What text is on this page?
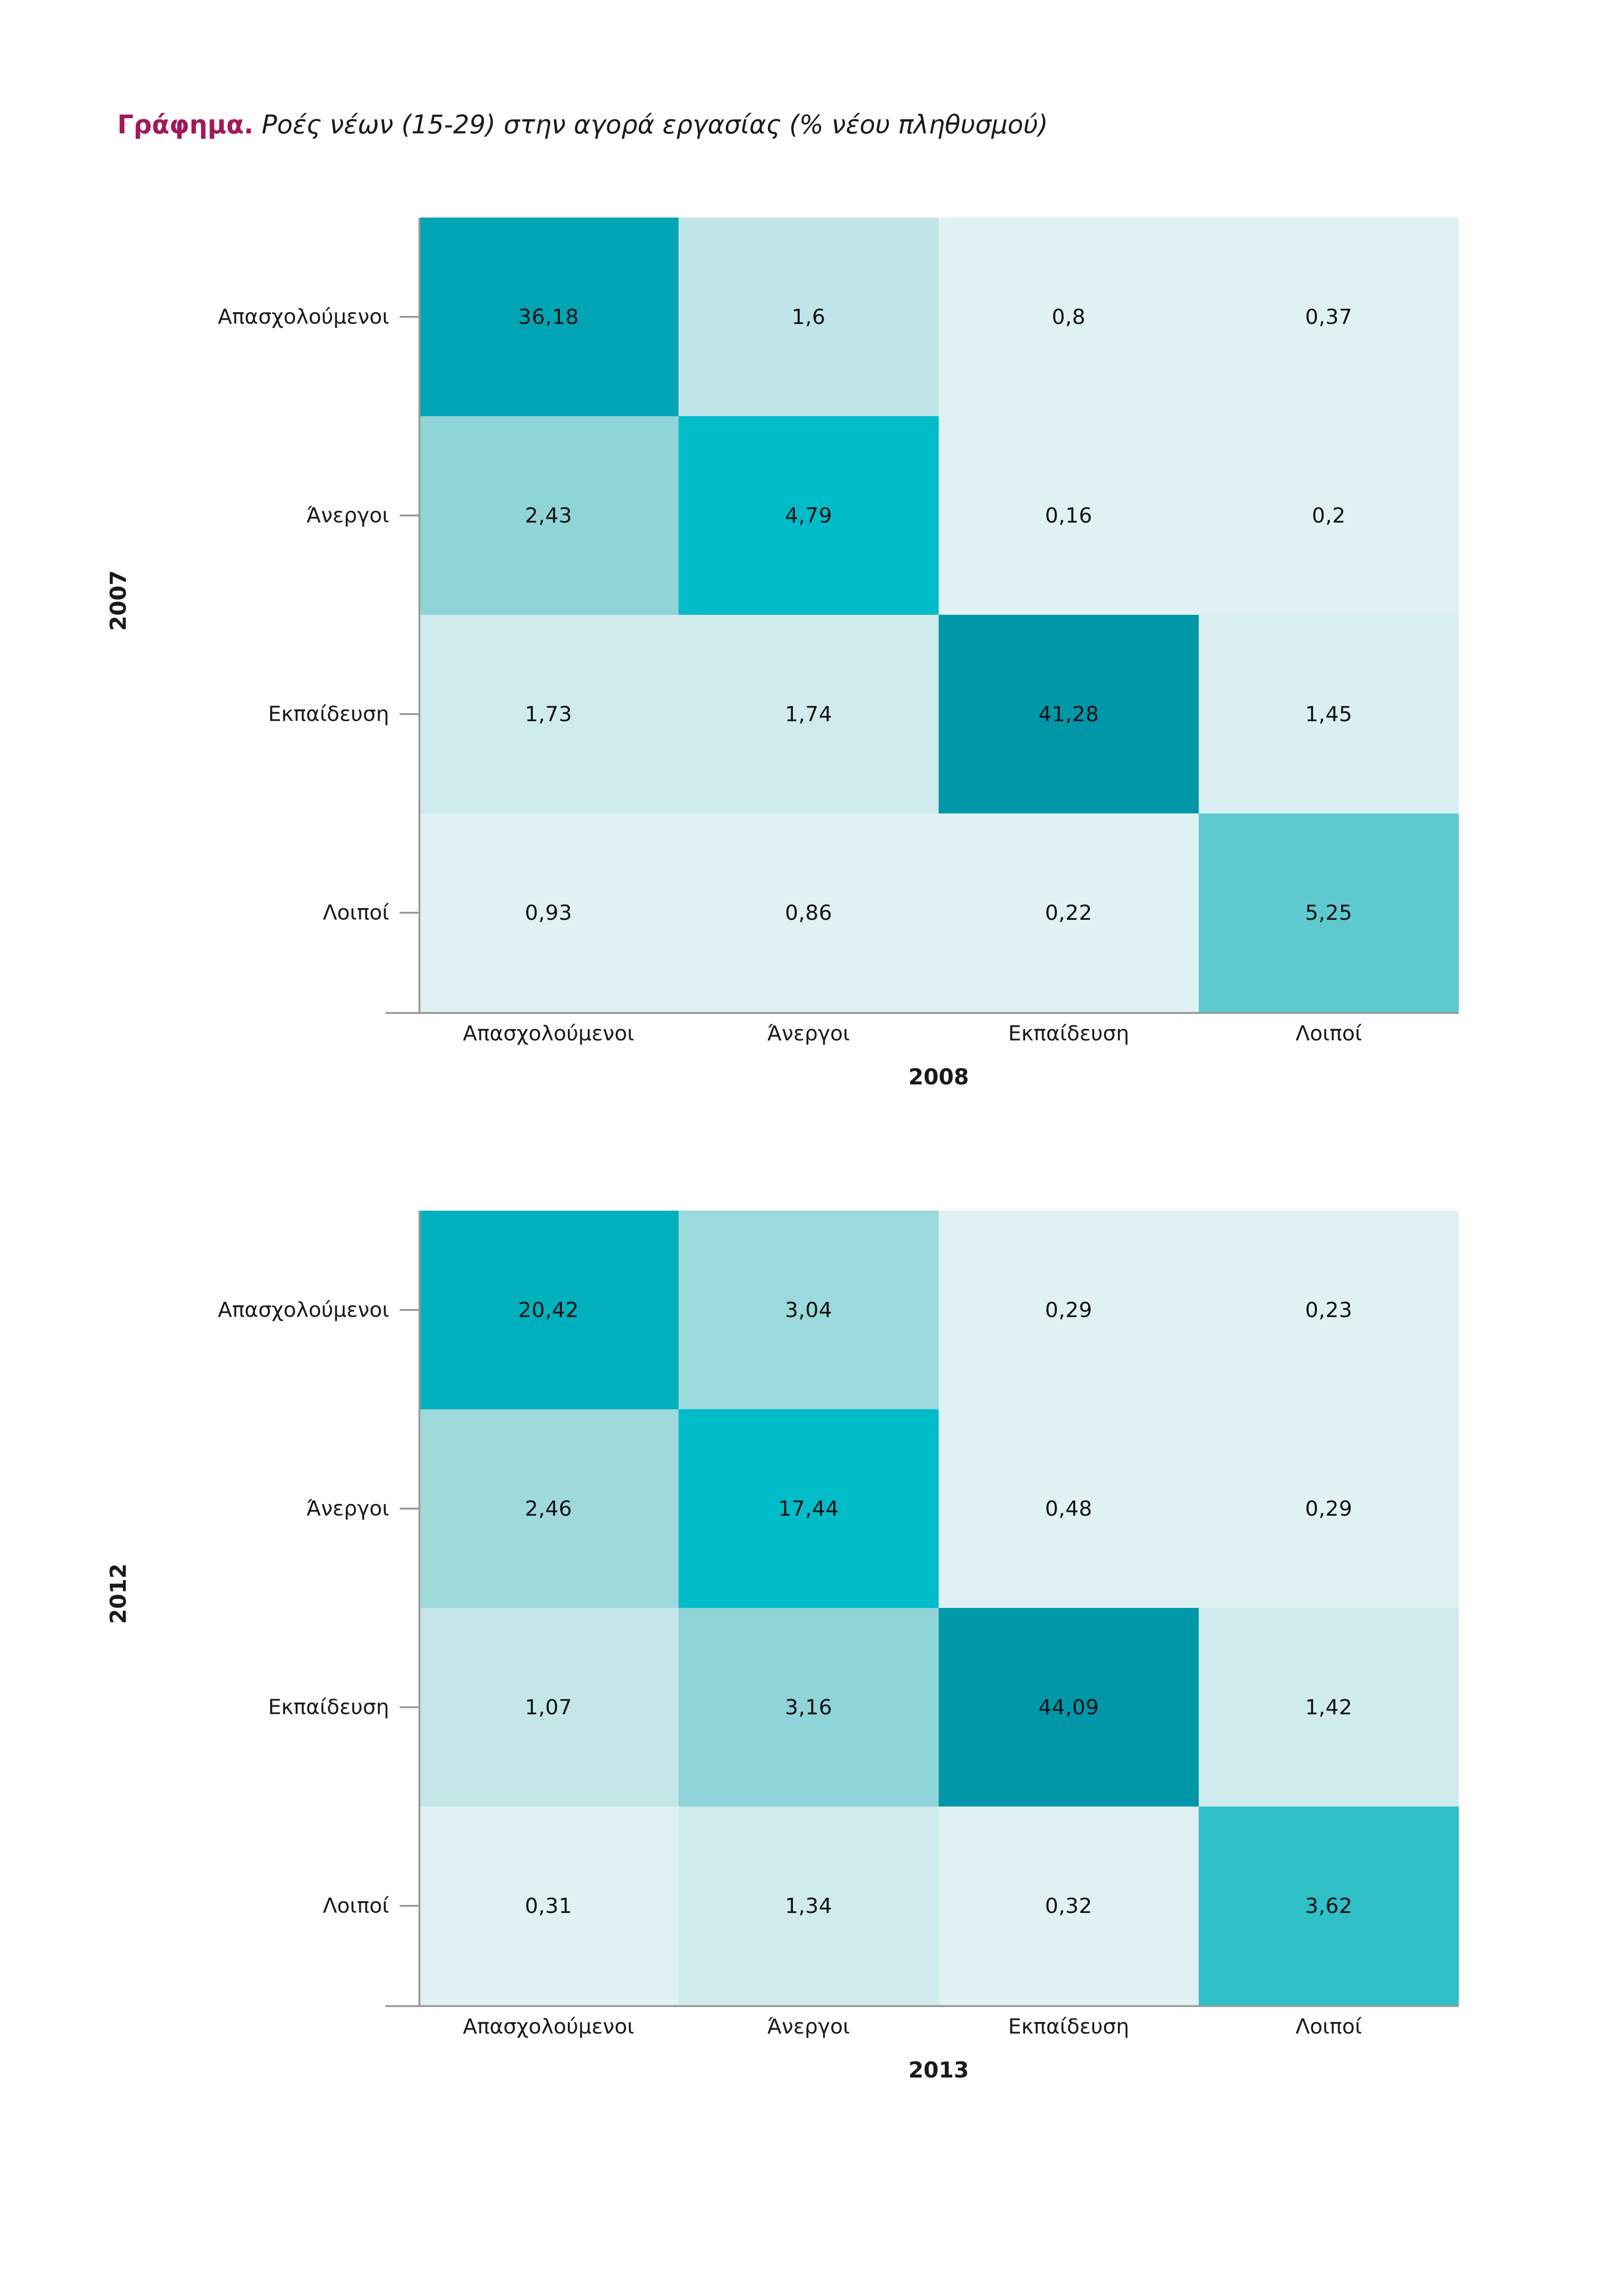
Γράφημα. Ροές νέων (15-29) στην αγορά εργασίας (% νέου πληθυσμού)
2007
36,18	1,6	0,8	0,37
2,43	4,79	0,16	0,2
1,73	1,74	41,28	1,45
0,93	0,86	0,22	5,25
Απασχολούμενοι
Άνεργοι
Εκπαίδευση
Λοιποί
Απασχολούμενοι	Άνεργοι	Εκπαίδευση	Λοιποί
2008
2012
20,42	3,04	0,29	0,23
2,46	17,44	0,48	0,29
1,07	3,16	44,09	1,42
0,31	1,34	0,32	3,62
Απασχολούμενοι
Άνεργοι
Εκπαίδευση
Λοιποί
Απασχολούμενοι	Άνεργοι	Εκπαίδευση	Λοιποί
2013
